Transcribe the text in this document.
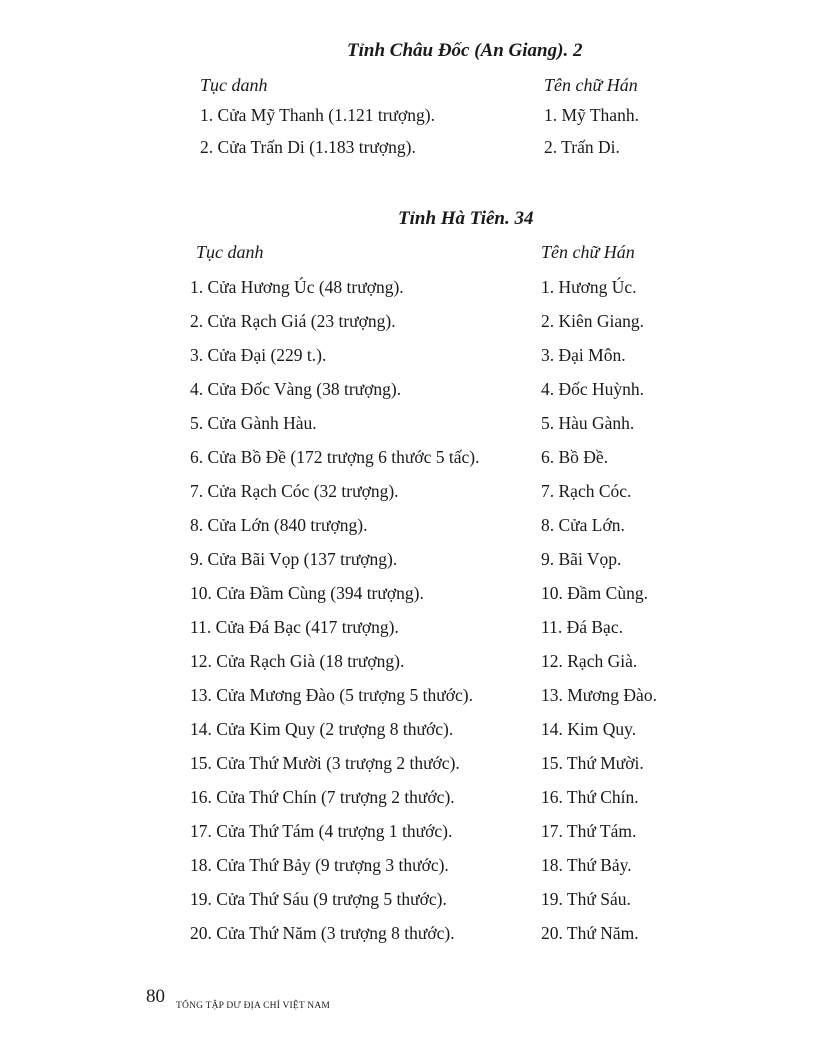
Tỉnh Châu Đốc (An Giang). 2
Tục danh	Tên chữ Hán
1. Cửa Mỹ Thanh (1.121 trượng).	1. Mỹ Thanh.
2. Cửa Trấn Di (1.183 trượng).	2. Trấn Di.
Tỉnh Hà Tiên. 34
Tục danh	Tên chữ Hán
1. Cửa Hương Úc (48 trượng).	1. Hương Úc.
2. Cửa Rạch Giá (23 trượng).	2. Kiên Giang.
3. Cửa Đại (229 t.).	3. Đại Môn.
4. Cửa Đốc Vàng (38 trượng).	4. Đốc Huỳnh.
5. Cửa Gành Hàu.	5. Hàu Gành.
6. Cửa Bồ Đề (172 trượng 6 thước 5 tấc).	6. Bồ Đề.
7. Cửa Rạch Cóc (32 trượng).	7. Rạch Cóc.
8. Cửa Lớn (840 trượng).	8. Cửa Lớn.
9. Cửa Bãi Vọp (137 trượng).	9. Bãi Vọp.
10. Cửa Đầm Cùng (394 trượng).	10. Đầm Cùng.
11. Cửa Đá Bạc (417 trượng).	11. Đá Bạc.
12. Cửa Rạch Già (18 trượng).	12. Rạch Già.
13. Cửa Mương Đào (5 trượng 5 thước).	13. Mương Đào.
14. Cửa Kim Quy (2 trượng 8 thước).	14. Kim Quy.
15. Cửa Thứ Mười (3 trượng 2 thước).	15. Thứ Mười.
16. Cửa Thứ Chín (7 trượng 2 thước).	16. Thứ Chín.
17. Cửa Thứ Tám (4 trượng 1 thước).	17. Thứ Tám.
18. Cửa Thứ Bảy (9 trượng 3 thước).	18. Thứ Bảy.
19. Cửa Thứ Sáu (9 trượng 5 thước).	19. Thứ Sáu.
20. Cửa Thứ Năm (3 trượng 8 thước).	20. Thứ Năm.
80 TỔNG TẬP DƯ ĐỊA CHÍ VIỆT NAM
